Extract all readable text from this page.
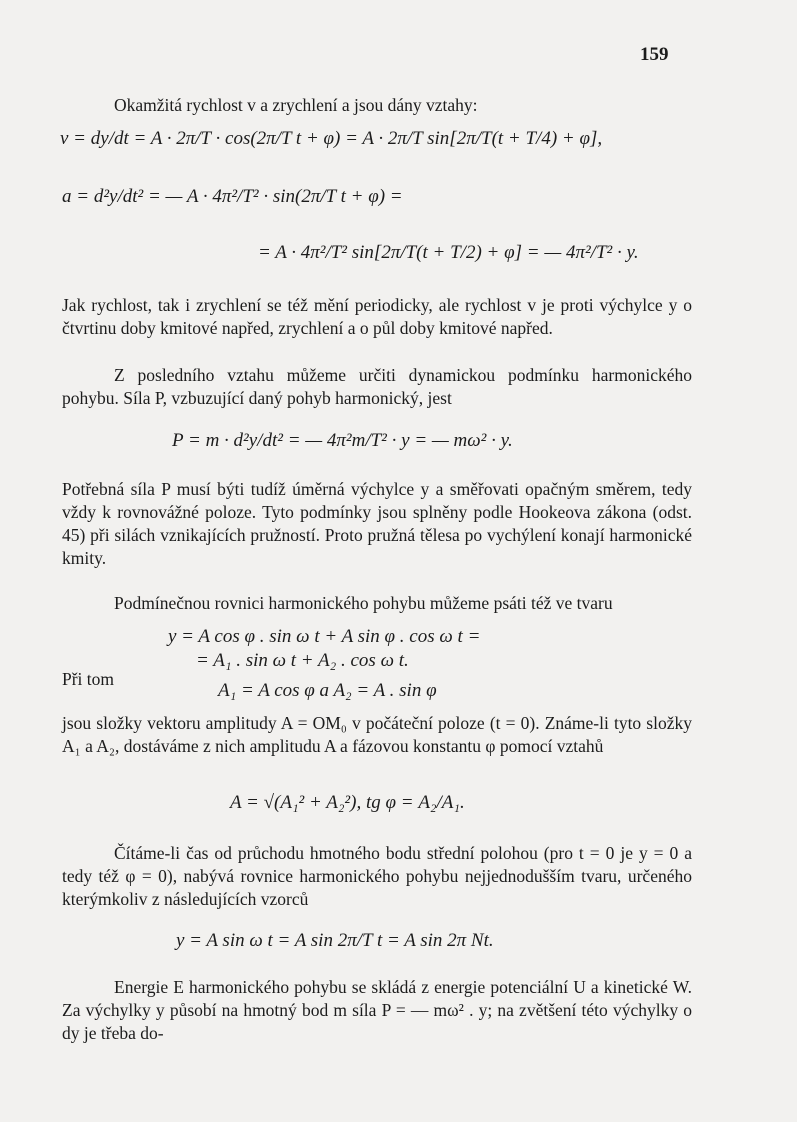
159
Okamžitá rychlost v a zrychlení a jsou dány vztahy:
v = dy/dt = A · 2π/T · cos(2π/T t + φ) = A · 2π/T sin[2π/T(t + T/4) + φ],
a = d²y/dt² = — A · 4π²/T² · sin(2π/T t + φ) =
= A · 4π²/T² sin[2π/T(t + T/2) + φ] = — 4π²/T² · y.
Jak rychlost, tak i zrychlení se též mění periodicky, ale rychlost v je proti výchylce y o čtvrtinu doby kmitové napřed, zrychlení a o půl doby kmitové napřed.
Z posledního vztahu můžeme určiti dynamickou podmínku harmonického pohybu. Síla P, vzbuzující daný pohyb harmonický, jest
P = m · d²y/dt² = — 4π²m/T² · y = — mω² · y.
Potřebná síla P musí býti tudíž úměrná výchylce y a směřovati opačným směrem, tedy vždy k rovnovážné poloze. Tyto podmínky jsou splněny podle Hookeova zákona (odst. 45) při silách vznikajících pružností. Proto pružná tělesa po vychýlení konají harmonické kmity.
Podmínečnou rovnici harmonického pohybu můžeme psáti též ve tvaru
y = A cos φ . sin ω t + A sin φ . cos ω t =
= A₁ . sin ω t + A₂ . cos ω t.
Při tom
A₁ = A cos φ a A₂ = A . sin φ
jsou složky vektoru amplitudy A = OM₀ v počáteční poloze (t = 0). Známe-li tyto složky A₁ a A₂, dostáváme z nich amplitudu A a fázovou konstantu φ pomocí vztahů
A = √(A₁² + A₂²), tg φ = A₂/A₁.
Čítáme-li čas od průchodu hmotného bodu střední polohou (pro t = 0 je y = 0 a tedy též φ = 0), nabývá rovnice harmonického pohybu nejjednodušším tvaru, určeného kterýmkoliv z následujících vzorců
y = A sin ω t = A sin 2π/T t = A sin 2π Nt.
Energie E harmonického pohybu se skládá z energie potenciální U a kinetické W. Za výchylky y působí na hmotný bod m síla P = — mω² . y; na zvětšení této výchylky o dy je třeba do-
